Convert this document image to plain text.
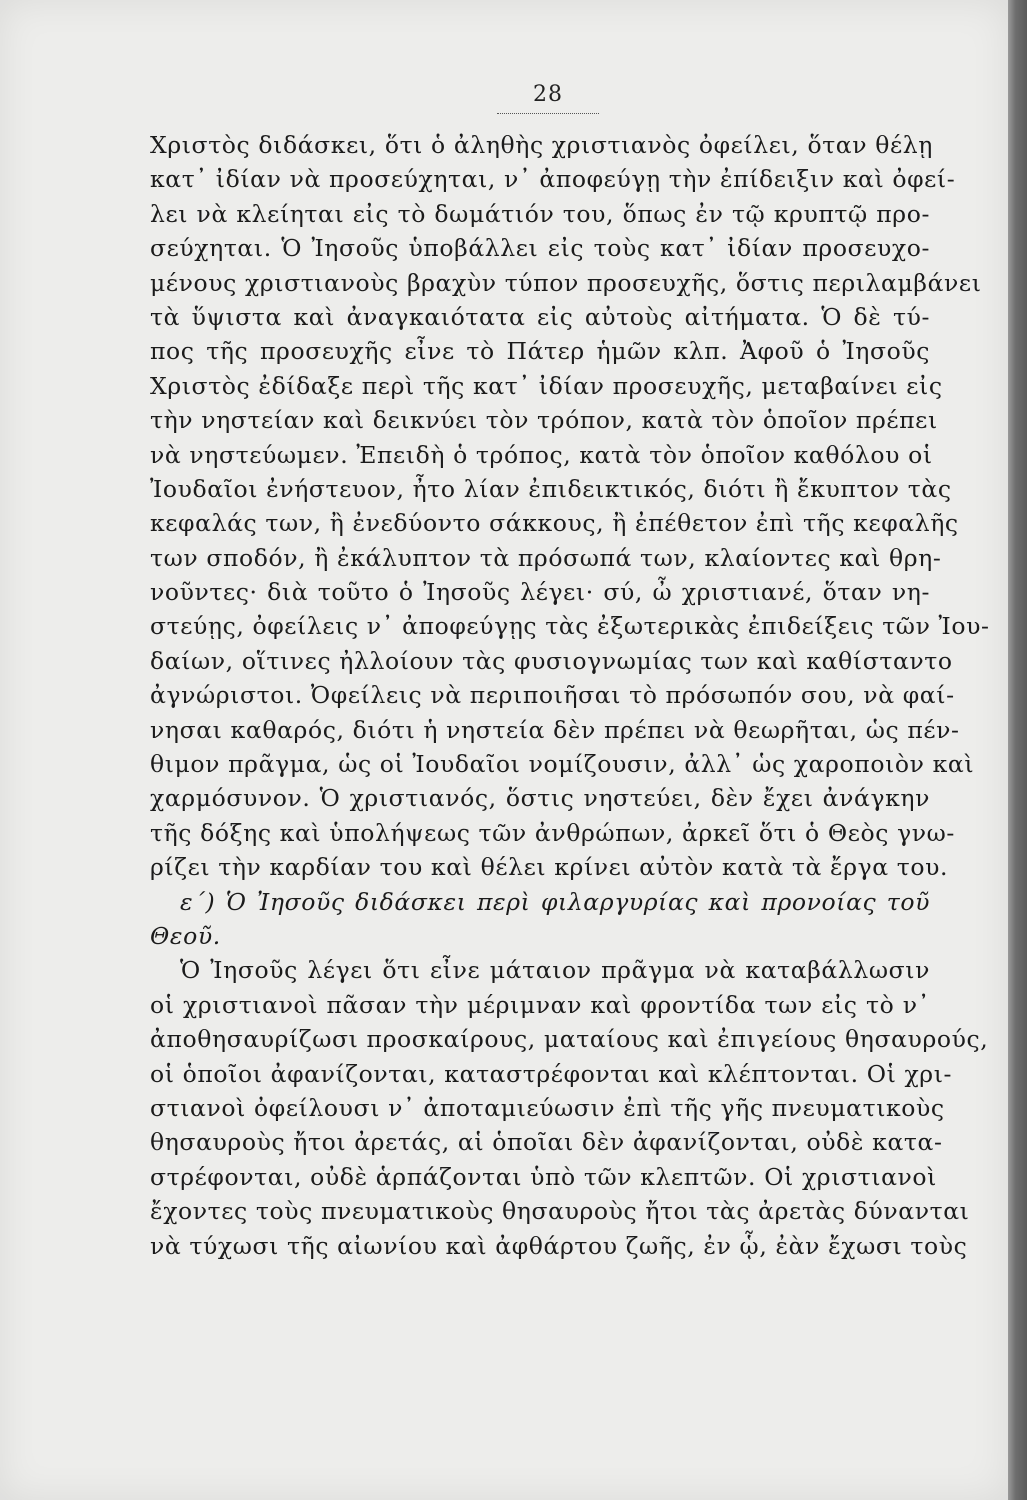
28
Χριστὸς διδάσκει, ὅτι ὁ ἀληθὴς χριστιανὸς ὀφείλει, ὅταν θέλῃ
κατ᾽ ἰδίαν νὰ προσεύχηται, ν᾽ ἀποφεύγῃ τὴν ἐπίδειξιν καὶ ὀφεί-
λει νὰ κλείηται εἰς τὸ δωμάτιόν του, ὅπως ἐν τῷ κρυπτῷ προ-
σεύχηται. Ὁ Ἰησοῦς ὑποβάλλει εἰς τοὺς κατ᾽ ἰδίαν προσευχο-
μένους χριστιανοὺς βραχὺν τύπον προσευχῆς, ὅστις περιλαμβάνει
τὰ ὕψιστα καὶ ἀναγκαιότατα εἰς αὐτοὺς αἰτήματα. Ὁ δὲ τύ-
πος τῆς προσευχῆς εἶνε τὸ Πάτερ ἡμῶν κλπ. Ἀφοῦ ὁ Ἰησοῦς
Χριστὸς ἐδίδαξε περὶ τῆς κατ᾽ ἰδίαν προσευχῆς, μεταβαίνει εἰς
τὴν νηστείαν καὶ δεικνύει τὸν τρόπον, κατὰ τὸν ὁποῖον πρέπει
νὰ νηστεύωμεν. Ἐπειδὴ ὁ τρόπος, κατὰ τὸν ὁποῖον καθόλου οἱ
Ἰουδαῖοι ἐνήστευον, ἦτο λίαν ἐπιδεικτικός, διότι ἢ ἔκυπτον τὰς
κεφαλάς των, ἢ ἐνεδύοντο σάκκους, ἢ ἐπέθετον ἐπὶ τῆς κεφαλῆς
των σποδόν, ἢ ἐκάλυπτον τὰ πρόσωπά των, κλαίοντες καὶ θρη-
νοῦντες· διὰ τοῦτο ὁ Ἰησοῦς λέγει· σύ, ὦ χριστιανέ, ὅταν νη-
στεύῃς, ὀφείλεις ν᾽ ἀποφεύγῃς τὰς ἐξωτερικὰς ἐπιδείξεις τῶν Ἰου-
δαίων, οἵτινες ἠλλοίουν τὰς φυσιογνωμίας των καὶ καθίσταντο
ἀγνώριστοι. Ὀφείλεις νὰ περιποιῆσαι τὸ πρόσωπόν σου, νὰ φαί-
νησαι καθαρός, διότι ἡ νηστεία δὲν πρέπει νὰ θεωρῆται, ὡς πέν-
θιμον πρᾶγμα, ὡς οἱ Ἰουδαῖοι νομίζουσιν, ἀλλ᾽ ὡς χαροποιὸν καὶ
χαρμόσυνον. Ὁ χριστιανός, ὅστις νηστεύει, δὲν ἔχει ἀνάγκην
τῆς δόξης καὶ ὑπολήψεως τῶν ἀνθρώπων, ἀρκεῖ ὅτι ὁ Θεὸς γνω-
ρίζει τὴν καρδίαν του καὶ θέλει κρίνει αὐτὸν κατὰ τὰ ἔργα του.
ε΄) Ὁ Ἰησοῦς διδάσκει περὶ φιλαργυρίας καὶ προνοίας τοῦ
Θεοῦ.
Ὁ Ἰησοῦς λέγει ὅτι εἶνε μάταιον πρᾶγμα νὰ καταβάλλωσιν
οἱ χριστιανοὶ πᾶσαν τὴν μέριμναν καὶ φροντίδα των εἰς τὸ ν᾽
ἀποθησαυρίζωσι προσκαίρους, ματαίους καὶ ἐπιγείους θησαυρούς,
οἱ ὁποῖοι ἀφανίζονται, καταστρέφονται καὶ κλέπτονται. Οἱ χρι-
στιανοὶ ὀφείλουσι ν᾽ ἀποταμιεύωσιν ἐπὶ τῆς γῆς πνευματικοὺς
θησαυροὺς ἤτοι ἀρετάς, αἱ ὁποῖαι δὲν ἀφανίζονται, οὐδὲ κατα-
στρέφονται, οὐδὲ ἁρπάζονται ὑπὸ τῶν κλεπτῶν. Οἱ χριστιανοὶ
ἔχοντες τοὺς πνευματικοὺς θησαυροὺς ἤτοι τὰς ἀρετὰς δύνανται
νὰ τύχωσι τῆς αἰωνίου καὶ ἀφθάρτου ζωῆς, ἐν ᾧ, ἐὰν ἔχωσι τοὺς
